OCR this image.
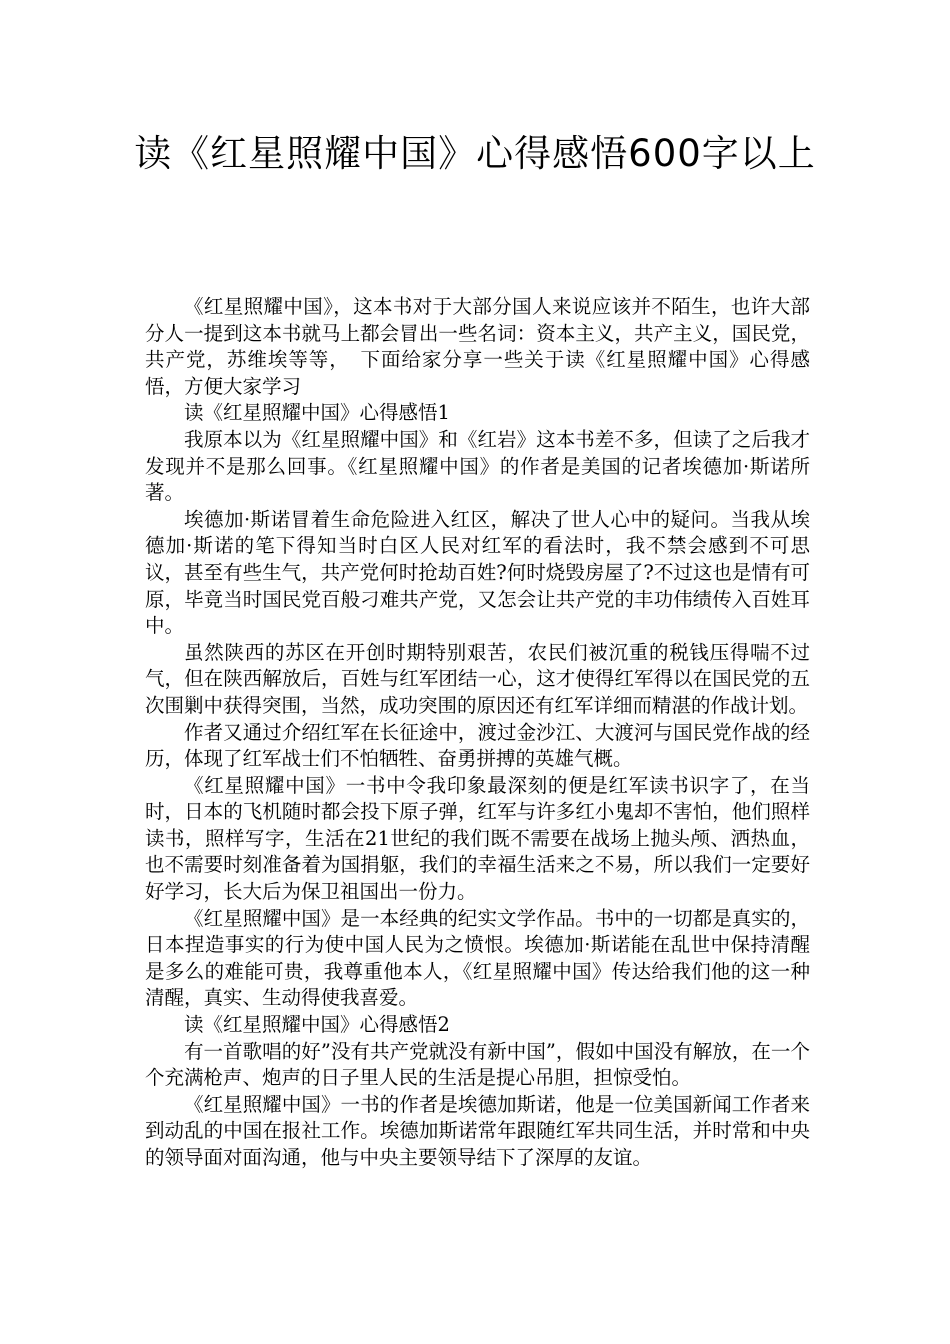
读《红星照耀中国》心得感悟600字以上

《红星照耀中国》，这本书对于大部分国人来说应该并不陌生，也许大部分人一提到这本书就马上都会冒出一些名词：资本主义，共产主义，国民党，共产党，苏维埃等等，　下面给家分享一些关于读《红星照耀中国》心得感悟，方便大家学习

读《红星照耀中国》心得感悟1

我原本以为《红星照耀中国》和《红岩》这本书差不多，但读了之后我才发现并不是那么回事。《红星照耀中国》的作者是美国的记者埃德加·斯诺所著。

埃德加·斯诺冒着生命危险进入红区，解决了世人心中的疑问。当我从埃德加·斯诺的笔下得知当时白区人民对红军的看法时，我不禁会感到不可思议，甚至有些生气，共产党何时抢劫百姓?何时烧毁房屋了?不过这也是情有可原，毕竟当时国民党百般刁难共产党，又怎会让共产党的丰功伟绩传入百姓耳中。

虽然陕西的苏区在开创时期特别艰苦，农民们被沉重的税钱压得喘不过气，但在陕西解放后，百姓与红军团结一心，这才使得红军得以在国民党的五次围剿中获得突围，当然，成功突围的原因还有红军详细而精湛的作战计划。

作者又通过介绍红军在长征途中，渡过金沙江、大渡河与国民党作战的经历，体现了红军战士们不怕牺牲、奋勇拼搏的英雄气概。

《红星照耀中国》一书中令我印象最深刻的便是红军读书识字了，在当时，日本的飞机随时都会投下原子弹，红军与许多红小鬼却不害怕，他们照样读书，照样写字，生活在21世纪的我们既不需要在战场上抛头颅、洒热血，也不需要时刻准备着为国捐躯，我们的幸福生活来之不易，所以我们一定要好好学习，长大后为保卫祖国出一份力。

《红星照耀中国》是一本经典的纪实文学作品。书中的一切都是真实的，日本捏造事实的行为使中国人民为之愤恨。埃德加·斯诺能在乱世中保持清醒是多么的难能可贵，我尊重他本人，《红星照耀中国》传达给我们他的这一种清醒，真实、生动得使我喜爱。

读《红星照耀中国》心得感悟2

有一首歌唱的好”没有共产党就没有新中国”，假如中国没有解放，在一个个充满枪声、炮声的日子里人民的生活是提心吊胆，担惊受怕。

《红星照耀中国》一书的作者是埃德加斯诺，他是一位美国新闻工作者来到动乱的中国在报社工作。埃德加斯诺常年跟随红军共同生活，并时常和中央的领导面对面沟通，他与中央主要领导结下了深厚的友谊。
